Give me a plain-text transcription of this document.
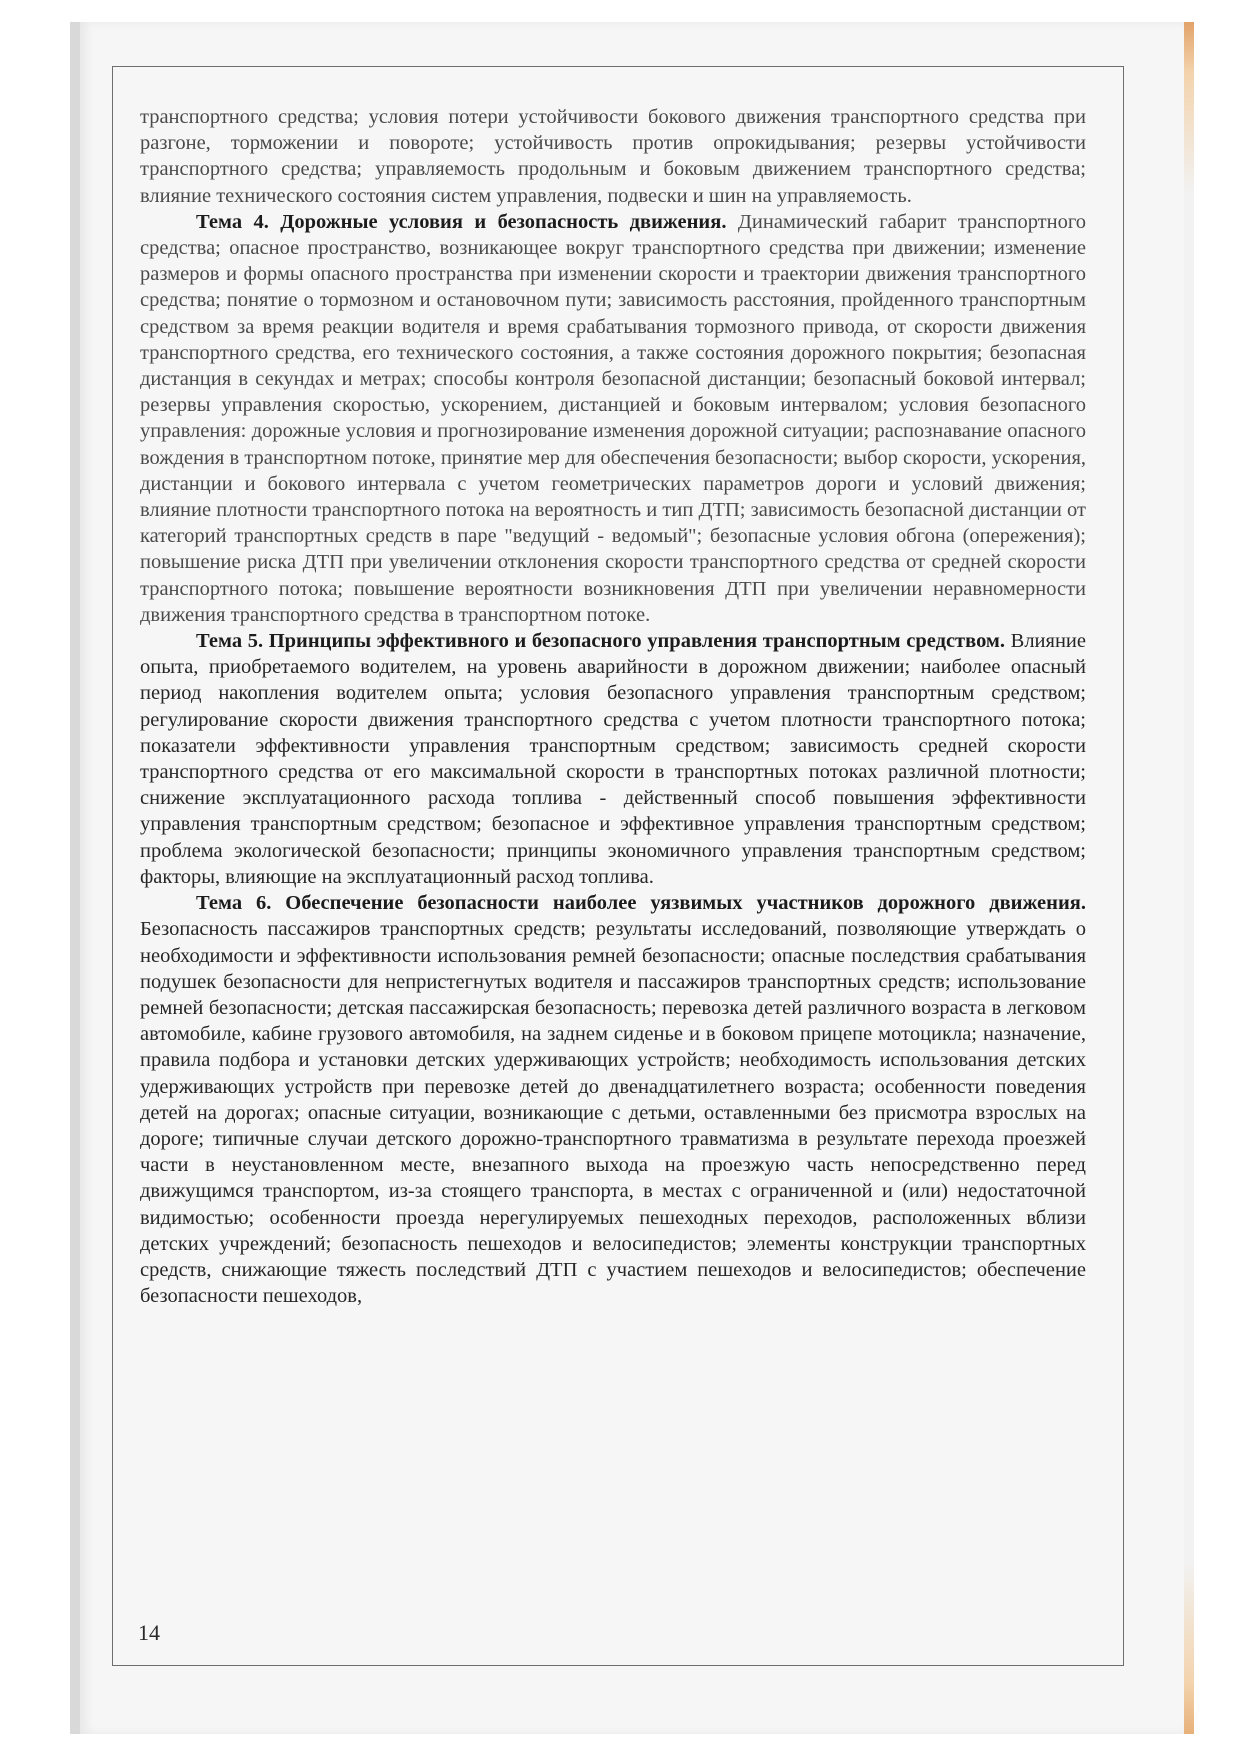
транспортного средства; условия потери устойчивости бокового движения транспортного средства при разгоне, торможении и повороте; устойчивость против опрокидывания; резервы устойчивости транспортного средства; управляемость продольным и боковым движением транспортного средства; влияние технического состояния систем управления, подвески и шин на управляемость.

Тема 4. Дорожные условия и безопасность движения. Динамический габарит транспортного средства; опасное пространство, возникающее вокруг транспортного средства при движении; изменение размеров и формы опасного пространства при изменении скорости и траектории движения транспортного средства; понятие о тормозном и остановочном пути; зависимость расстояния, пройденного транспортным средством за время реакции водителя и время срабатывания тормозного привода, от скорости движения транспортного средства, его технического состояния, а также состояния дорожного покрытия; безопасная дистанция в секундах и метрах; способы контроля безопасной дистанции; безопасный боковой интервал; резервы управления скоростью, ускорением, дистанцией и боковым интервалом; условия безопасного управления: дорожные условия и прогнозирование изменения дорожной ситуации; распознавание опасного вождения в транспортном потоке, принятие мер для обеспечения безопасности; выбор скорости, ускорения, дистанции и бокового интервала с учетом геометрических параметров дороги и условий движения; влияние плотности транспортного потока на вероятность и тип ДТП; зависимость безопасной дистанции от категорий транспортных средств в паре "ведущий - ведомый"; безопасные условия обгона (опережения); повышение риска ДТП при увеличении отклонения скорости транспортного средства от средней скорости транспортного потока; повышение вероятности возникновения ДТП при увеличении неравномерности движения транспортного средства в транспортном потоке.

Тема 5. Принципы эффективного и безопасного управления транспортным средством. Влияние опыта, приобретаемого водителем, на уровень аварийности в дорожном движении; наиболее опасный период накопления водителем опыта; условия безопасного управления транспортным средством; регулирование скорости движения транспортного средства с учетом плотности транспортного потока; показатели эффективности управления транспортным средством; зависимость средней скорости транспортного средства от его максимальной скорости в транспортных потоках различной плотности; снижение эксплуатационного расхода топлива - действенный способ повышения эффективности управления транспортным средством; безопасное и эффективное управления транспортным средством; проблема экологической безопасности; принципы экономичного управления транспортным средством; факторы, влияющие на эксплуатационный расход топлива.

Тема 6. Обеспечение безопасности наиболее уязвимых участников дорожного движения. Безопасность пассажиров транспортных средств; результаты исследований, позволяющие утверждать о необходимости и эффективности использования ремней безопасности; опасные последствия срабатывания подушек безопасности для непристегнутых водителя и пассажиров транспортных средств; использование ремней безопасности; детская пассажирская безопасность; перевозка детей различного возраста в легковом автомобиле, кабине грузового автомобиля, на заднем сиденье и в боковом прицепе мотоцикла; назначение, правила подбора и установки детских удерживающих устройств; необходимость использования детских удерживающих устройств при перевозке детей до двенадцатилетнего возраста; особенности поведения детей на дорогах; опасные ситуации, возникающие с детьми, оставленными без присмотра взрослых на дороге; типичные случаи детского дорожно-транспортного травматизма в результате перехода проезжей части в неустановленном месте, внезапного выхода на проезжую часть непосредственно перед движущимся транспортом, из-за стоящего транспорта, в местах с ограниченной и (или) недостаточной видимостью; особенности проезда нерегулируемых пешеходных переходов, расположенных вблизи детских учреждений; безопасность пешеходов и велосипедистов; элементы конструкции транспортных средств, снижающие тяжесть последствий ДТП с участием пешеходов и велосипедистов; обеспечение безопасности пешеходов,

14
